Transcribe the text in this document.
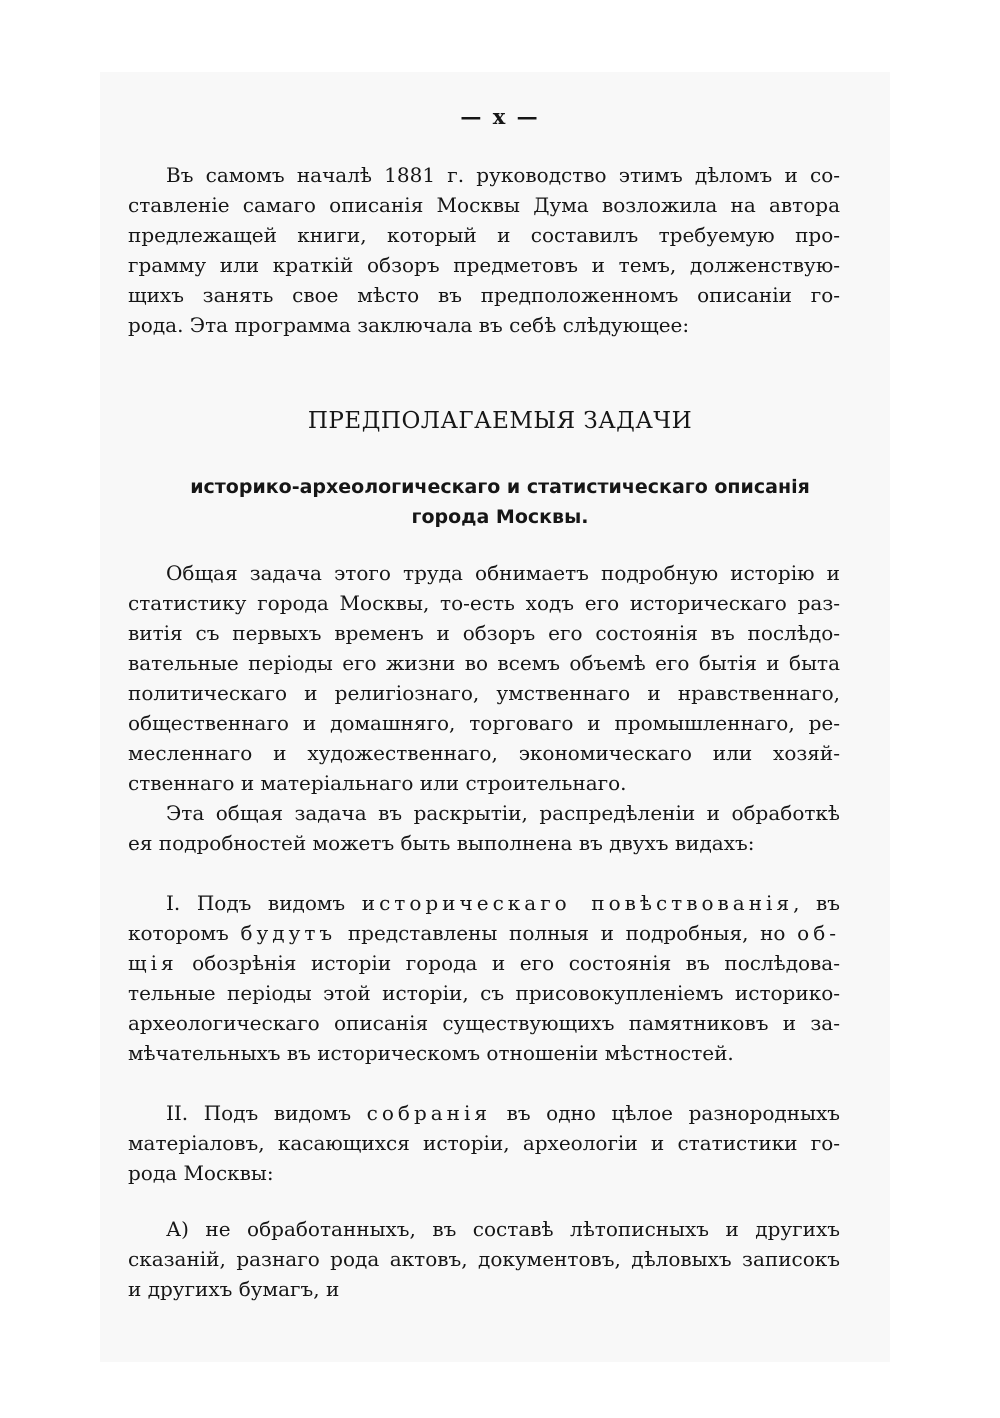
— x —
Въ самомъ началѣ 1881 г. руководство этимъ дѣломъ и со-
ставленіе самаго описанія Москвы Дума возложила на автора
предлежащей книги, который и составилъ требуемую про-
грамму или краткій обзоръ предметовъ и темъ, долженствую-
щихъ занять свое мѣсто въ предположенномъ описаніи го-
рода. Эта программа заключала въ себѣ слѣдующее:
ПРЕДПОЛАГАЕМЫЯ ЗАДАЧИ
историко-археологическаго и статистическаго описанія
города Москвы.
Общая задача этого труда обнимаетъ подробную исторію и
статистику города Москвы, то-есть ходъ его историческаго раз-
витія съ первыхъ временъ и обзоръ его состоянія въ послѣдо-
вательные періоды его жизни во всемъ объемѣ его бытія и быта
политическаго и религіознаго, умственнаго и нравственнаго,
общественнаго и домашняго, торговаго и промышленнаго, ре-
месленнаго и художественнаго, экономическаго или хозяй-
ственнаго и матеріальнаго или строительнаго.
Эта общая задача въ раскрытіи, распредѣленіи и обработкѣ
ея подробностей можетъ быть выполнена въ двухъ видахъ:
I. Подъ видомъ историческаго повѣствованія, въ
которомъ будутъ представлены полныя и подробныя, но об-
щія обозрѣнія исторіи города и его состоянія въ послѣдова-
тельные періоды этой исторіи, съ присовокупленіемъ историко-
археологическаго описанія существующихъ памятниковъ и за-
мѣчательныхъ въ историческомъ отношеніи мѣстностей.
II. Подъ видомъ собранія въ одно цѣлое разнородныхъ
матеріаловъ, касающихся исторіи, археологіи и статистики го-
рода Москвы:
А) не обработанныхъ, въ составѣ лѣтописныхъ и другихъ
сказаній, разнаго рода актовъ, документовъ, дѣловыхъ записокъ
и другихъ бумагъ, и
